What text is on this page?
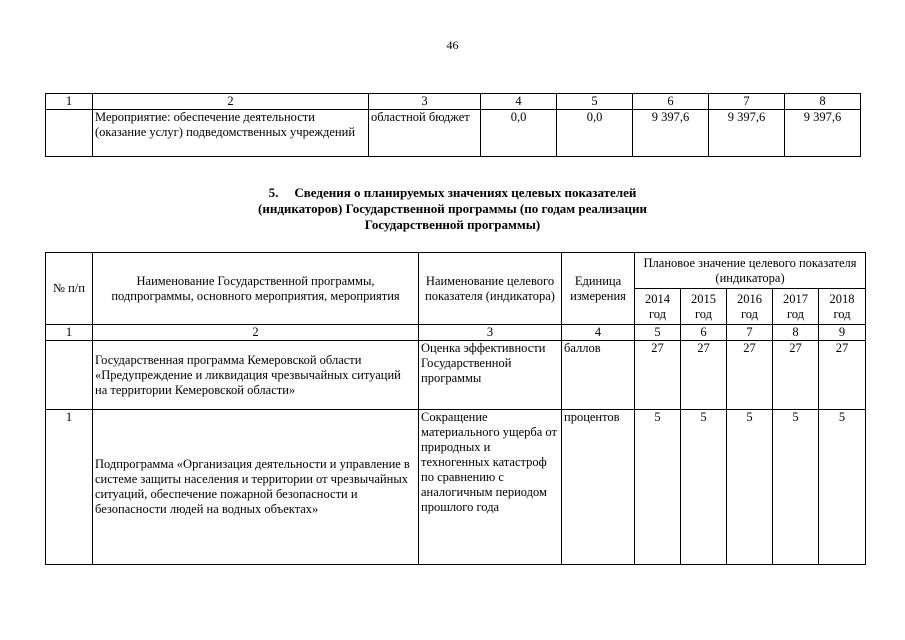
46
1	2	3	4	5	6	7	8
	Мероприятие: обеспечение деятельности (оказание услуг) подведомственных учреждений	областной бюджет	0,0	0,0	9 397,6	9 397,6	9 397,6
5. Сведения о планируемых значениях целевых показателей
(индикаторов) Государственной программы (по годам реализации
Государственной программы)
№ п/п	Наименование Государственной программы, подпрограммы, основного мероприятия, мероприятия	Наименование целевого показателя (индикатора)	Единица измерения	Плановое значение целевого показателя (индикатора)				
				2014 год	2015 год	2016 год	2017 год	2018 год
1	2	3	4	5	6	7	8	9
	Государственная программа Кемеровской области «Предупреждение и ликвидация чрезвычайных ситуаций на территории Кемеровской области»	Оценка эффективности Государственной программы	баллов	27	27	27	27	27
1	Подпрограмма «Организация деятельности и управление в системе защиты населения и территории от чрезвычайных ситуаций, обеспечение пожарной безопасности и безопасности людей на водных объектах»	Сокращение материального ущерба от природных и техногенных катастроф по сравнению с аналогичным периодом прошлого года	процентов	5	5	5	5	5
